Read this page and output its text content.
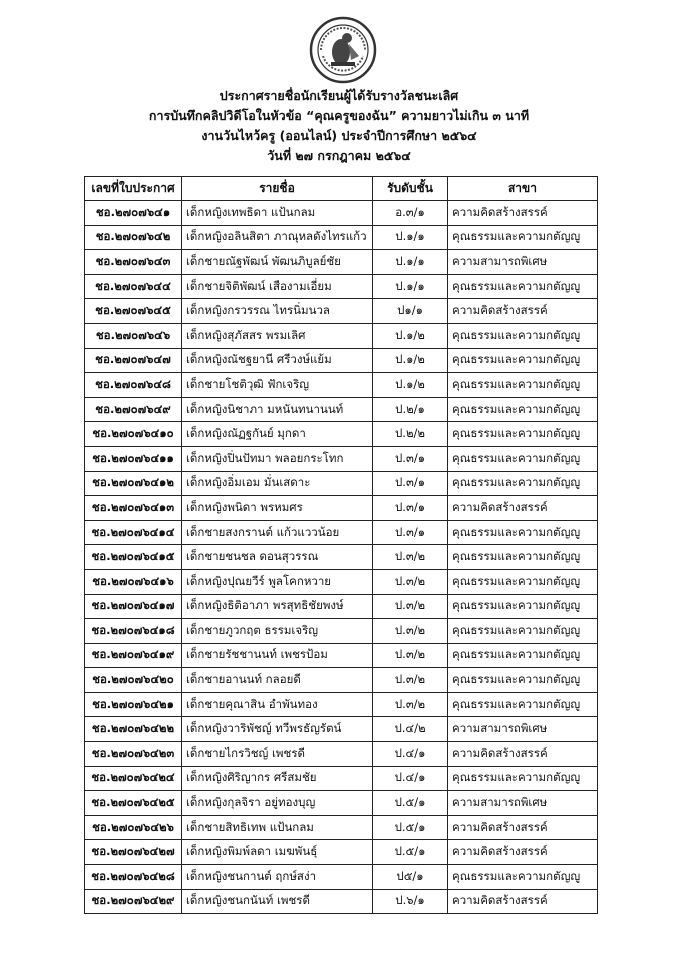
ประกาศรายชื่อนักเรียนผู้ได้รับรางวัลชนะเลิศ
การบันทึกคลิปวิดีโอในหัวข้อ “คุณครูของฉัน” ความยาวไม่เกิน ๓ นาที
งานวันไหว้ครู (ออนไลน์) ประจำปีการศึกษา ๒๕๖๔
วันที่ ๒๗ กรกฎาคม ๒๕๖๔
เลขที่ใบประกาศ	รายชื่อ	รับดับชั้น	สาขา
ชอ.๒๗๐๗๖๔๑	เด็กหญิงเทพธิดา แป้นกลม	อ.๓/๑	ความคิดสร้างสรรค์
ชอ.๒๗๐๗๖๔๒	เด็กหญิงอลินสิตา ภาณุหลดังไทรแก้ว	ป.๑/๑	คุณธรรมและความกตัญญู
ชอ.๒๗๐๗๖๔๓	เด็กชายณัฐพัฒน์ พัฒนภิบูลย์ชัย	ป.๑/๑	ความสามารถพิเศษ
ชอ.๒๗๐๗๖๔๔	เด็กชายจิติพัฒน์ เสืองามเอี่ยม	ป.๑/๑	คุณธรรมและความกตัญญู
ชอ.๒๗๐๗๖๔๕	เด็กหญิงกรวรรณ ไทรนิ่มนวล	ป๑/๑	ความคิดสร้างสรรค์
ชอ.๒๗๐๗๖๔๖	เด็กหญิงสุภัสสร พรมเลิศ	ป.๑/๒	คุณธรรมและความกตัญญู
ชอ.๒๗๐๗๖๔๗	เด็กหญิงณัชฐยานี ศรีวงษ์แย้ม	ป.๑/๒	คุณธรรมและความกตัญญู
ชอ.๒๗๐๗๖๔๘	เด็กชายโชติวุฒิ ฟักเจริญ	ป.๑/๒	คุณธรรมและความกตัญญู
ชอ.๒๗๐๗๖๔๙	เด็กหญิงนิชาภา มหนันทนานนท์	ป.๒/๑	คุณธรรมและความกตัญญู
ชอ.๒๗๐๗๖๔๑๐	เด็กหญิงณัฏฐกันย์ มุกดา	ป.๒/๒	คุณธรรมและความกตัญญู
ชอ.๒๗๐๗๖๔๑๑	เด็กหญิงปิ่นปัทมา พลอยกระโทก	ป.๓/๑	คุณธรรมและความกตัญญู
ชอ.๒๗๐๗๖๔๑๒	เด็กหญิงอิ่มเอม มั่นเสดาะ	ป.๓/๑	คุณธรรมและความกตัญญู
ชอ.๒๗๐๗๖๔๑๓	เด็กหญิงพนิดา พรหมศร	ป.๓/๑	ความคิดสร้างสรรค์
ชอ.๒๗๐๗๖๔๑๔	เด็กชายสงกรานต์ แก้วแววน้อย	ป.๓/๑	คุณธรรมและความกตัญญู
ชอ.๒๗๐๗๖๔๑๕	เด็กชายชนชล ดอนสุวรรณ	ป.๓/๒	คุณธรรมและความกตัญญู
ชอ.๒๗๐๗๖๔๑๖	เด็กหญิงปุณยวีร์ พูลโคกหวาย	ป.๓/๒	คุณธรรมและความกตัญญู
ชอ.๒๗๐๗๖๔๑๗	เด็กหญิงธิติอาภา พรสุทธิชัยพงษ์	ป.๓/๒	คุณธรรมและความกตัญญู
ชอ.๒๗๐๗๖๔๑๘	เด็กชายภูวกฤต ธรรมเจริญ	ป.๓/๒	คุณธรรมและความกตัญญู
ชอ.๒๗๐๗๖๔๑๙	เด็กชายรัชชานนท์ เพชรป้อม	ป.๓/๒	คุณธรรมและความกตัญญู
ชอ.๒๗๐๗๖๔๒๐	เด็กชายอานนท์ กลอยดี	ป.๓/๒	คุณธรรมและความกตัญญู
ชอ.๒๗๐๗๖๔๒๑	เด็กชายคุณาสิน อำพันทอง	ป.๓/๒	คุณธรรมและความกตัญญู
ชอ.๒๗๐๗๖๔๒๒	เด็กหญิงวาริพัชญ์ ทวีพรธัญรัตน์	ป.๔/๒	ความสามารถพิเศษ
ชอ.๒๗๐๗๖๔๒๓	เด็กชายไกรวิชญ์ เพชรดี	ป.๔/๑	ความคิดสร้างสรรค์
ชอ.๒๗๐๗๖๔๒๔	เด็กหญิงศิริญากร ศรีสมชัย	ป.๔/๑	คุณธรรมและความกตัญญู
ชอ.๒๗๐๗๖๔๒๕	เด็กหญิงกุลจิรา อยู่ทองบุญ	ป.๕/๑	ความสามารถพิเศษ
ชอ.๒๗๐๗๖๔๒๖	เด็กชายสิทธิเทพ แป้นกลม	ป.๕/๑	ความคิดสร้างสรรค์
ชอ.๒๗๐๗๖๔๒๗	เด็กหญิงพิมพ์ลดา เมฆพันธุ์	ป.๕/๑	ความคิดสร้างสรรค์
ชอ.๒๗๐๗๖๔๒๘	เด็กหญิงชนกานต์ ฤกษ์สง่า	ป๕/๑	คุณธรรมและความกตัญญู
ชอ.๒๗๐๗๖๔๒๙	เด็กหญิงชนกนันท์ เพชรดี	ป.๖/๑	ความคิดสร้างสรรค์
